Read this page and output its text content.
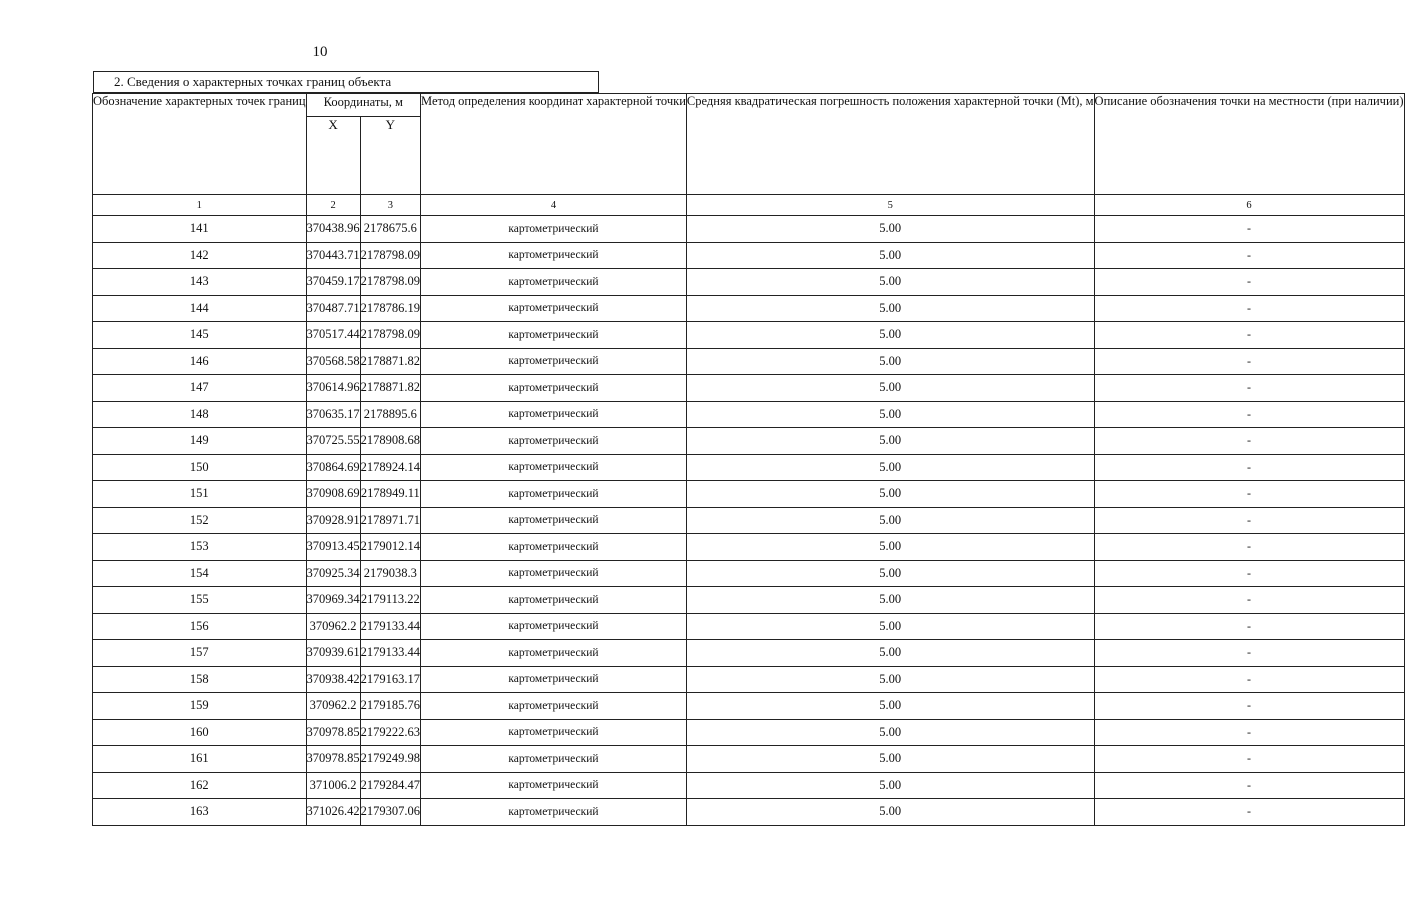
10
2. Сведения о характерных точках границ объекта
Обозначение характерных точек границ	Координаты, м		Метод определения координат характерной точки	Средняя квадратическая погрешность положения характерной точки (Mt), м	Описание обозначения точки на местности (при наличии)
	X	Y			
1	2	3	4	5	6
141	370438.96	2178675.6	картометрический	5.00	-
142	370443.71	2178798.09	картометрический	5.00	-
143	370459.17	2178798.09	картометрический	5.00	-
144	370487.71	2178786.19	картометрический	5.00	-
145	370517.44	2178798.09	картометрический	5.00	-
146	370568.58	2178871.82	картометрический	5.00	-
147	370614.96	2178871.82	картометрический	5.00	-
148	370635.17	2178895.6	картометрический	5.00	-
149	370725.55	2178908.68	картометрический	5.00	-
150	370864.69	2178924.14	картометрический	5.00	-
151	370908.69	2178949.11	картометрический	5.00	-
152	370928.91	2178971.71	картометрический	5.00	-
153	370913.45	2179012.14	картометрический	5.00	-
154	370925.34	2179038.3	картометрический	5.00	-
155	370969.34	2179113.22	картометрический	5.00	-
156	370962.2	2179133.44	картометрический	5.00	-
157	370939.61	2179133.44	картометрический	5.00	-
158	370938.42	2179163.17	картометрический	5.00	-
159	370962.2	2179185.76	картометрический	5.00	-
160	370978.85	2179222.63	картометрический	5.00	-
161	370978.85	2179249.98	картометрический	5.00	-
162	371006.2	2179284.47	картометрический	5.00	-
163	371026.42	2179307.06	картометрический	5.00	-
